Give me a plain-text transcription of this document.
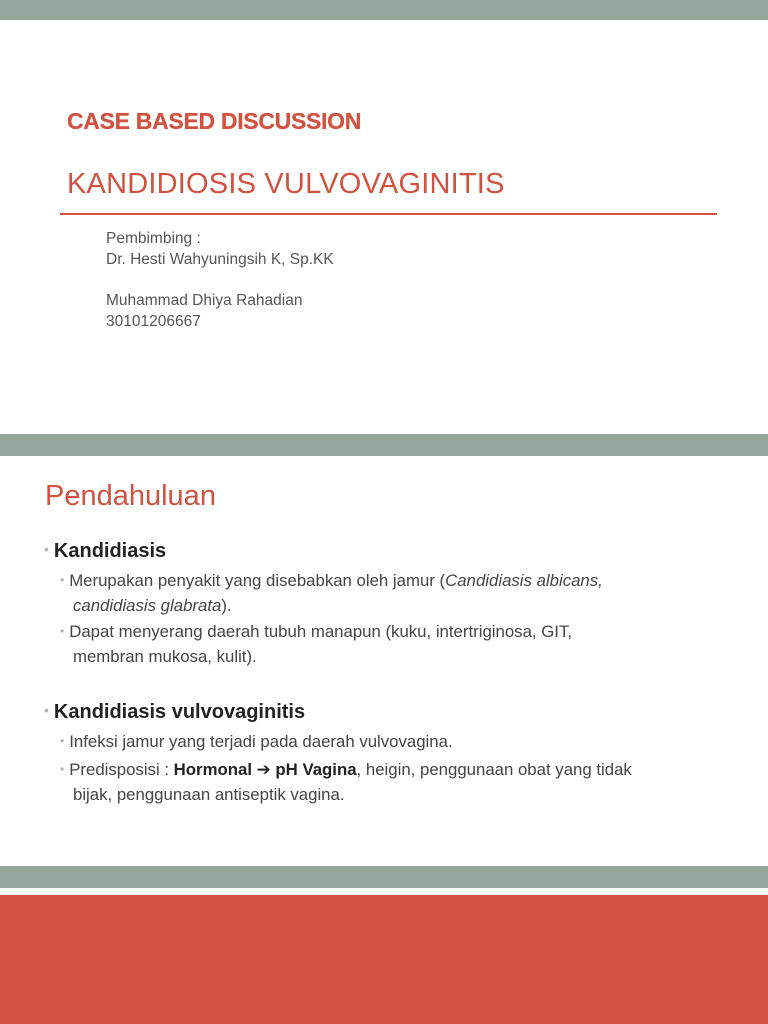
CASE BASED DISCUSSION
KANDIDIOSIS VULVOVAGINITIS
Pembimbing :
Dr. Hesti Wahyuningsih K, Sp.KK
Muhammad Dhiya Rahadian
30101206667
Pendahuluan
• Kandidiasis
• Merupakan penyakit yang disebabkan oleh jamur (Candidiasis albicans,
candidiasis glabrata).
• Dapat menyerang daerah tubuh manapun (kuku, intertriginosa, GIT,
membran mukosa, kulit).
• Kandidiasis vulvovaginitis
• Infeksi jamur yang terjadi pada daerah vulvovagina.
• Predisposisi : Hormonal ➔ pH Vagina, heigin, penggunaan obat yang tidak
bijak, penggunaan antiseptik vagina.
